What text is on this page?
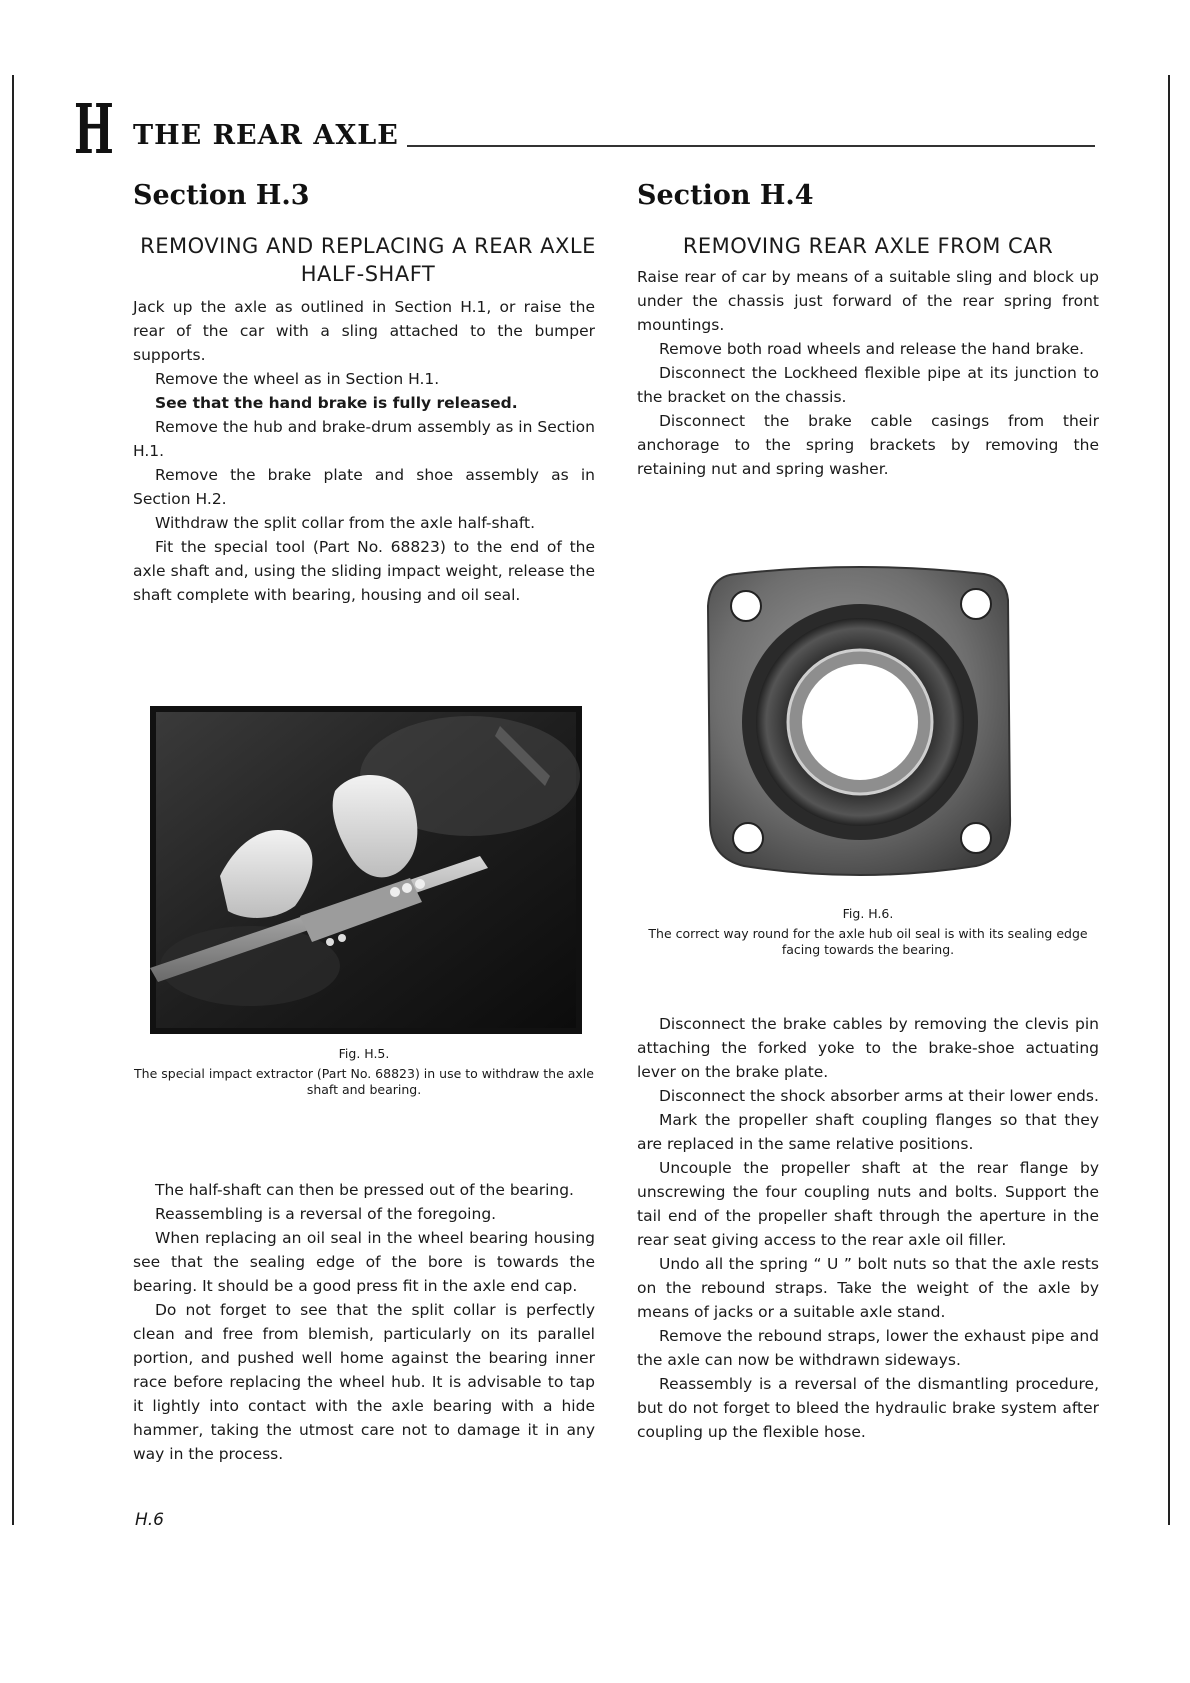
H THE REAR AXLE
Section H.3

REMOVING AND REPLACING A REAR AXLE HALF-SHAFT

Jack up the axle as outlined in Section H.1, or raise the rear of the car with a sling attached to the bumper supports.

Remove the wheel as in Section H.1.

See that the hand brake is fully released.

Remove the hub and brake-drum assembly as in Section H.1.

Remove the brake plate and shoe assembly as in Section H.2.

Withdraw the split collar from the axle half-shaft.

Fit the special tool (Part No. 68823) to the end of the axle shaft and, using the sliding impact weight, release the shaft complete with bearing, housing and oil seal.

Fig. H.5.
The special impact extractor (Part No. 68823) in use to withdraw the axle shaft and bearing.

The half-shaft can then be pressed out of the bearing.

Reassembling is a reversal of the foregoing.

When replacing an oil seal in the wheel bearing housing see that the sealing edge of the bore is towards the bearing. It should be a good press fit in the axle end cap.

Do not forget to see that the split collar is perfectly clean and free from blemish, particularly on its parallel portion, and pushed well home against the bearing inner race before replacing the wheel hub. It is advisable to tap it lightly into contact with the axle bearing with a hide hammer, taking the utmost care not to damage it in any way in the process.

Section H.4

REMOVING REAR AXLE FROM CAR

Raise rear of car by means of a suitable sling and block up under the chassis just forward of the rear spring front mountings.

Remove both road wheels and release the hand brake.

Disconnect the Lockheed flexible pipe at its junction to the bracket on the chassis.

Disconnect the brake cable casings from their anchorage to the spring brackets by removing the retaining nut and spring washer.

Fig. H.6.
The correct way round for the axle hub oil seal is with its sealing edge facing towards the bearing.

Disconnect the brake cables by removing the clevis pin attaching the forked yoke to the brake-shoe actuating lever on the brake plate.

Disconnect the shock absorber arms at their lower ends.

Mark the propeller shaft coupling flanges so that they are replaced in the same relative positions.

Uncouple the propeller shaft at the rear flange by unscrewing the four coupling nuts and bolts. Support the tail end of the propeller shaft through the aperture in the rear seat giving access to the rear axle oil filler.

Undo all the spring “ U ” bolt nuts so that the axle rests on the rebound straps. Take the weight of the axle by means of jacks or a suitable axle stand.

Remove the rebound straps, lower the exhaust pipe and the axle can now be withdrawn sideways.

Reassembly is a reversal of the dismantling procedure, but do not forget to bleed the hydraulic brake system after coupling up the flexible hose.

H.6
